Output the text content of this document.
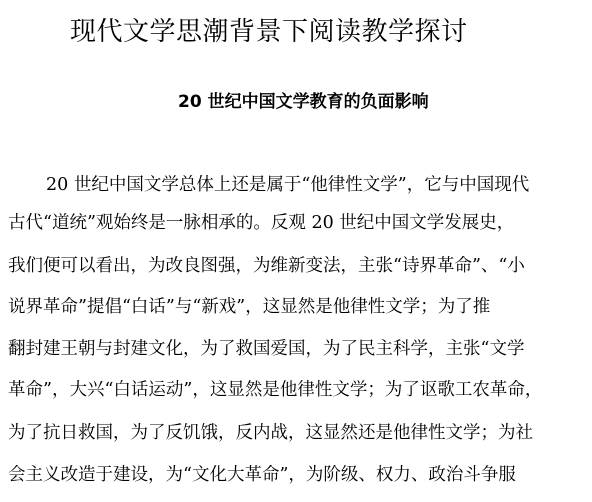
现代文学思潮背景下阅读教学探讨
20 世纪中国文学教育的负面影响
20 世纪中国文学总体上还是属于“他律性文学”，它与中国现代
古代“道统”观始终是一脉相承的。反观 20 世纪中国文学发展史，
我们便可以看出，为改良图强，为维新变法，主张“诗界革命”、“小
说界革命”提倡“白话”与“新戏”，这显然是他律性文学；为了推
翻封建王朝与封建文化，为了救国爱国，为了民主科学，主张“文学
革命”，大兴“白话运动”，这显然是他律性文学；为了讴歌工农革命，
为了抗日救国，为了反饥饿，反内战，这显然还是他律性文学；为社
会主义改造于建设，为“文化大革命”，为阶级、权力、政治斗争服
